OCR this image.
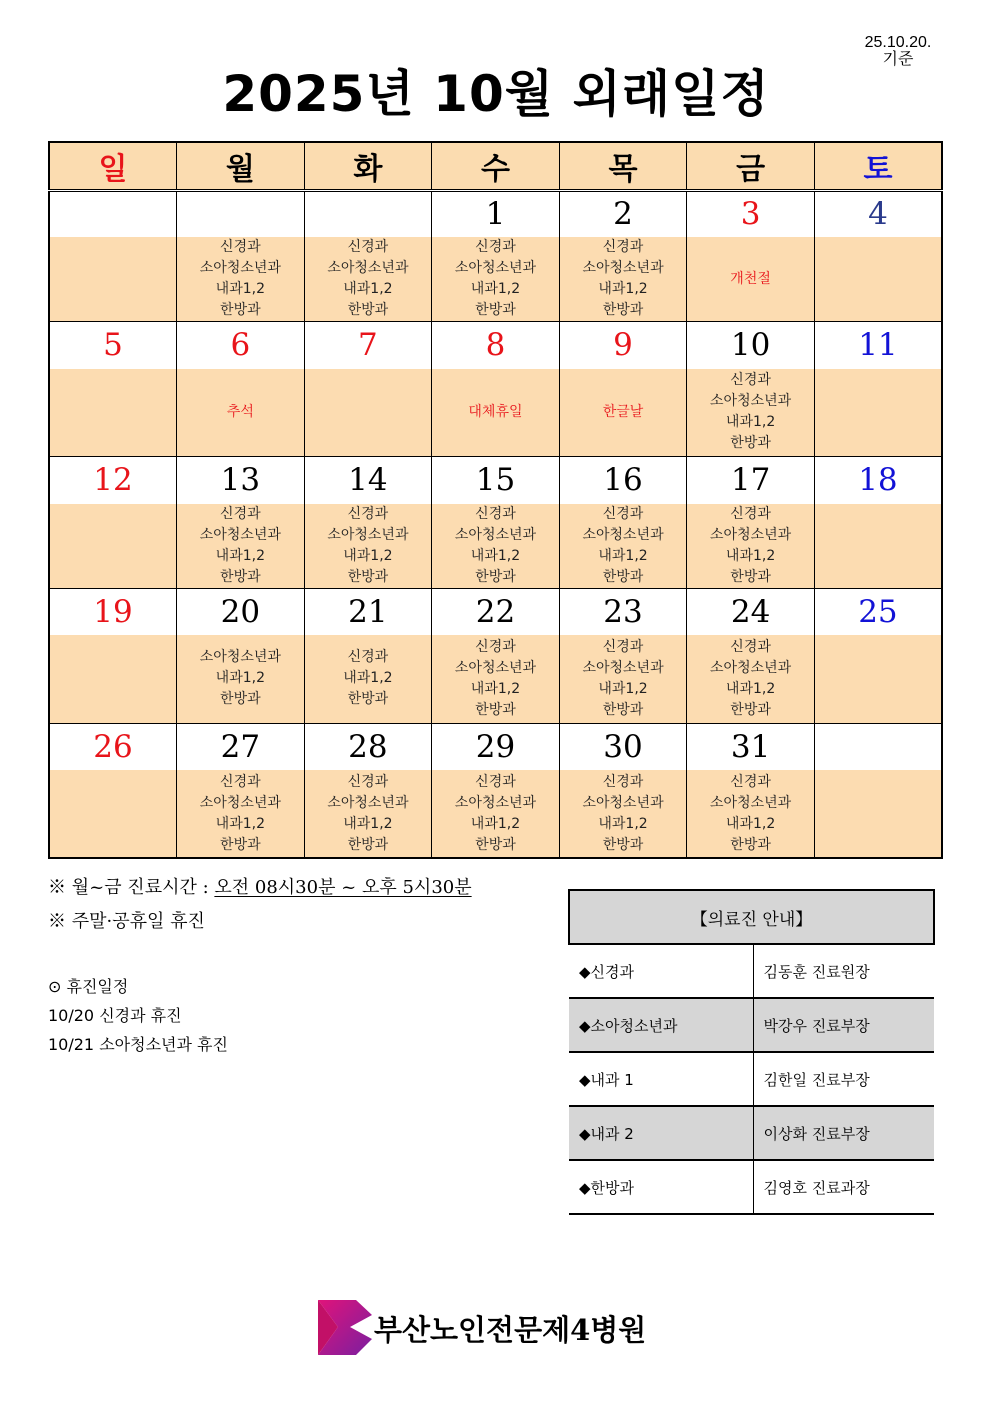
25.10.20.
기준
2025년 10월 외래일정
일	월	화	수	목	금	토
			1	2	3	4

	신경과
소아청소년과
내과1,2
한방과	신경과
소아청소년과
내과1,2
한방과	신경과
소아청소년과
내과1,2
한방과	신경과
소아청소년과
내과1,2
한방과	개천절	

5	6	7	8	9	10	11

	추석		대체휴일	한글날	신경과
소아청소년과
내과1,2
한방과	

12	13	14	15	16	17	18

	신경과
소아청소년과
내과1,2
한방과	신경과
소아청소년과
내과1,2
한방과	신경과
소아청소년과
내과1,2
한방과	신경과
소아청소년과
내과1,2
한방과	신경과
소아청소년과
내과1,2
한방과	

19	20	21	22	23	24	25

	소아청소년과
내과1,2
한방과	신경과
내과1,2
한방과	신경과
소아청소년과
내과1,2
한방과	신경과
소아청소년과
내과1,2
한방과	신경과
소아청소년과
내과1,2
한방과	

26	27	28	29	30	31	

	신경과
소아청소년과
내과1,2
한방과	신경과
소아청소년과
내과1,2
한방과	신경과
소아청소년과
내과1,2
한방과	신경과
소아청소년과
내과1,2
한방과	신경과
소아청소년과
내과1,2
한방과	

※ 월~금 진료시간 : 오전 08시30분 ~ 오후 5시30분
※ 주말·공휴일 휴진
⊙ 휴진일정
10/20 신경과 휴진
10/21 소아청소년과 휴진
【의료진 안내】	
◆신경과	김동훈 진료원장
◆소아청소년과	박강우 진료부장
◆내과 1	김한일 진료부장
◆내과 2	이상화 진료부장
◆한방과	김영호 진료과장
부산노인전문제4병원
